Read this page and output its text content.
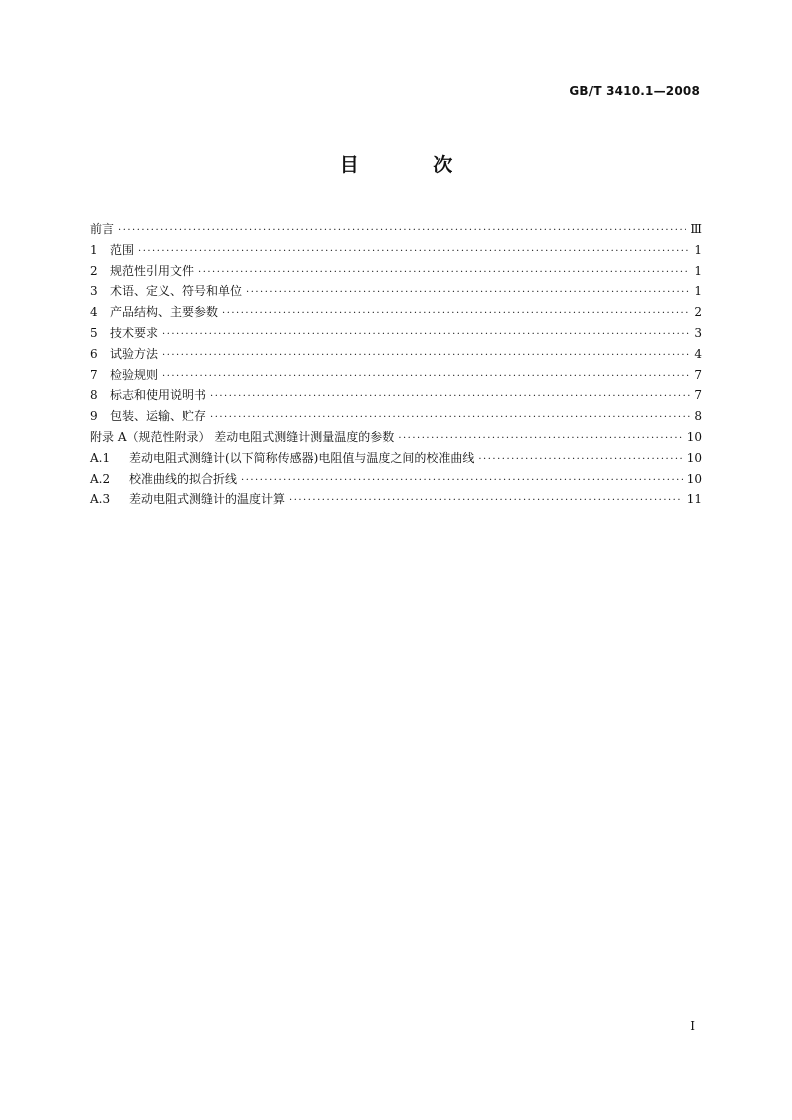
GB/T 3410.1—2008
目 次
前言 ·····	Ⅲ
1	范围 ·····	1
2	规范性引用文件 ·····	1
3	术语、定义、符号和单位 ·····	1
4	产品结构、主要参数 ·····	2
5	技术要求 ·····	3
6	试验方法 ·····	4
7	检验规则 ·····	7
8	标志和使用说明书 ·····	7
9	包装、运输、贮存 ·····	8
附录 A（规范性附录） 差动电阻式测缝计测量温度的参数 ·····	10
A.1	差动电阻式测缝计(以下简称传感器)电阻值与温度之间的校准曲线 ·····	10
A.2	校准曲线的拟合折线 ·····	10
A.3	差动电阻式测缝计的温度计算 ·····	11
I
